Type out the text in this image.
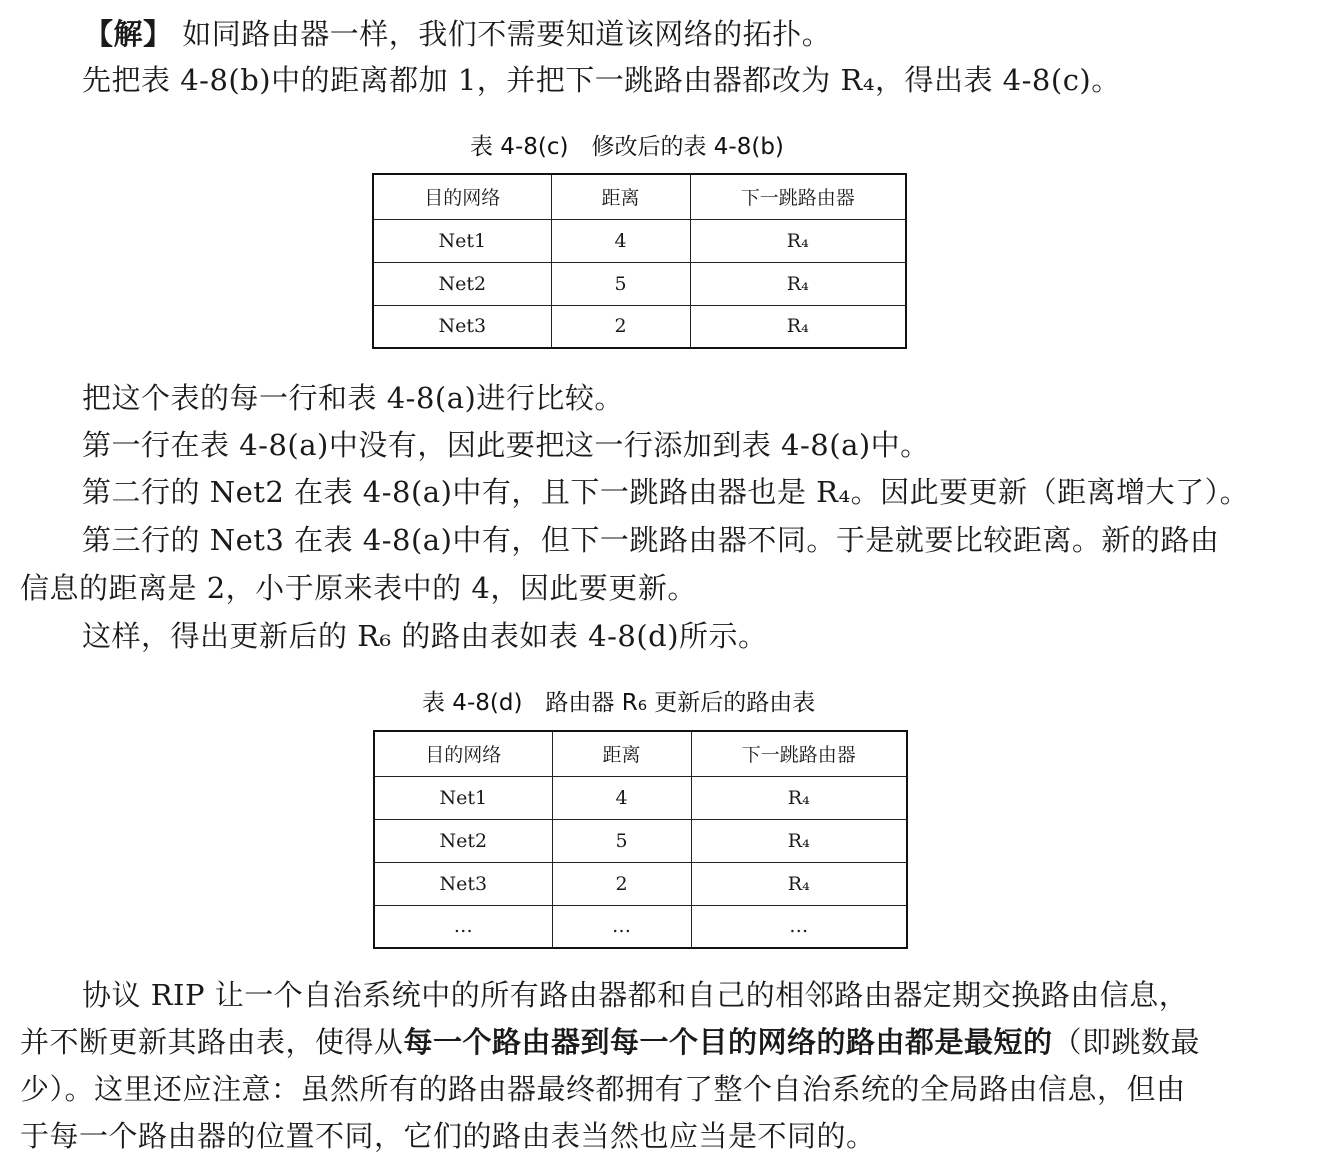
【解】 如同路由器一样，我们不需要知道该网络的拓扑。
先把表 4-8(b)中的距离都加 1，并把下一跳路由器都改为 R₄，得出表 4-8(c)。
表 4-8(c)　修改后的表 4-8(b)
目的网络	距离	下一跳路由器
Net1	4	R₄
Net2	5	R₄
Net3	2	R₄
把这个表的每一行和表 4-8(a)进行比较。
第一行在表 4-8(a)中没有，因此要把这一行添加到表 4-8(a)中。
第二行的 Net2 在表 4-8(a)中有，且下一跳路由器也是 R₄。因此要更新（距离增大了）。
第三行的 Net3 在表 4-8(a)中有，但下一跳路由器不同。于是就要比较距离。新的路由
信息的距离是 2，小于原来表中的 4，因此要更新。
这样，得出更新后的 R₆ 的路由表如表 4-8(d)所示。
表 4-8(d)　路由器 R₆ 更新后的路由表
目的网络	距离	下一跳路由器
Net1	4	R₄
Net2	5	R₄
Net3	2	R₄
…	…	…
协议 RIP 让一个自治系统中的所有路由器都和自己的相邻路由器定期交换路由信息，
并不断更新其路由表，使得从每一个路由器到每一个目的网络的路由都是最短的（即跳数最
少）。这里还应注意：虽然所有的路由器最终都拥有了整个自治系统的全局路由信息，但由
于每一个路由器的位置不同，它们的路由表当然也应当是不同的。
